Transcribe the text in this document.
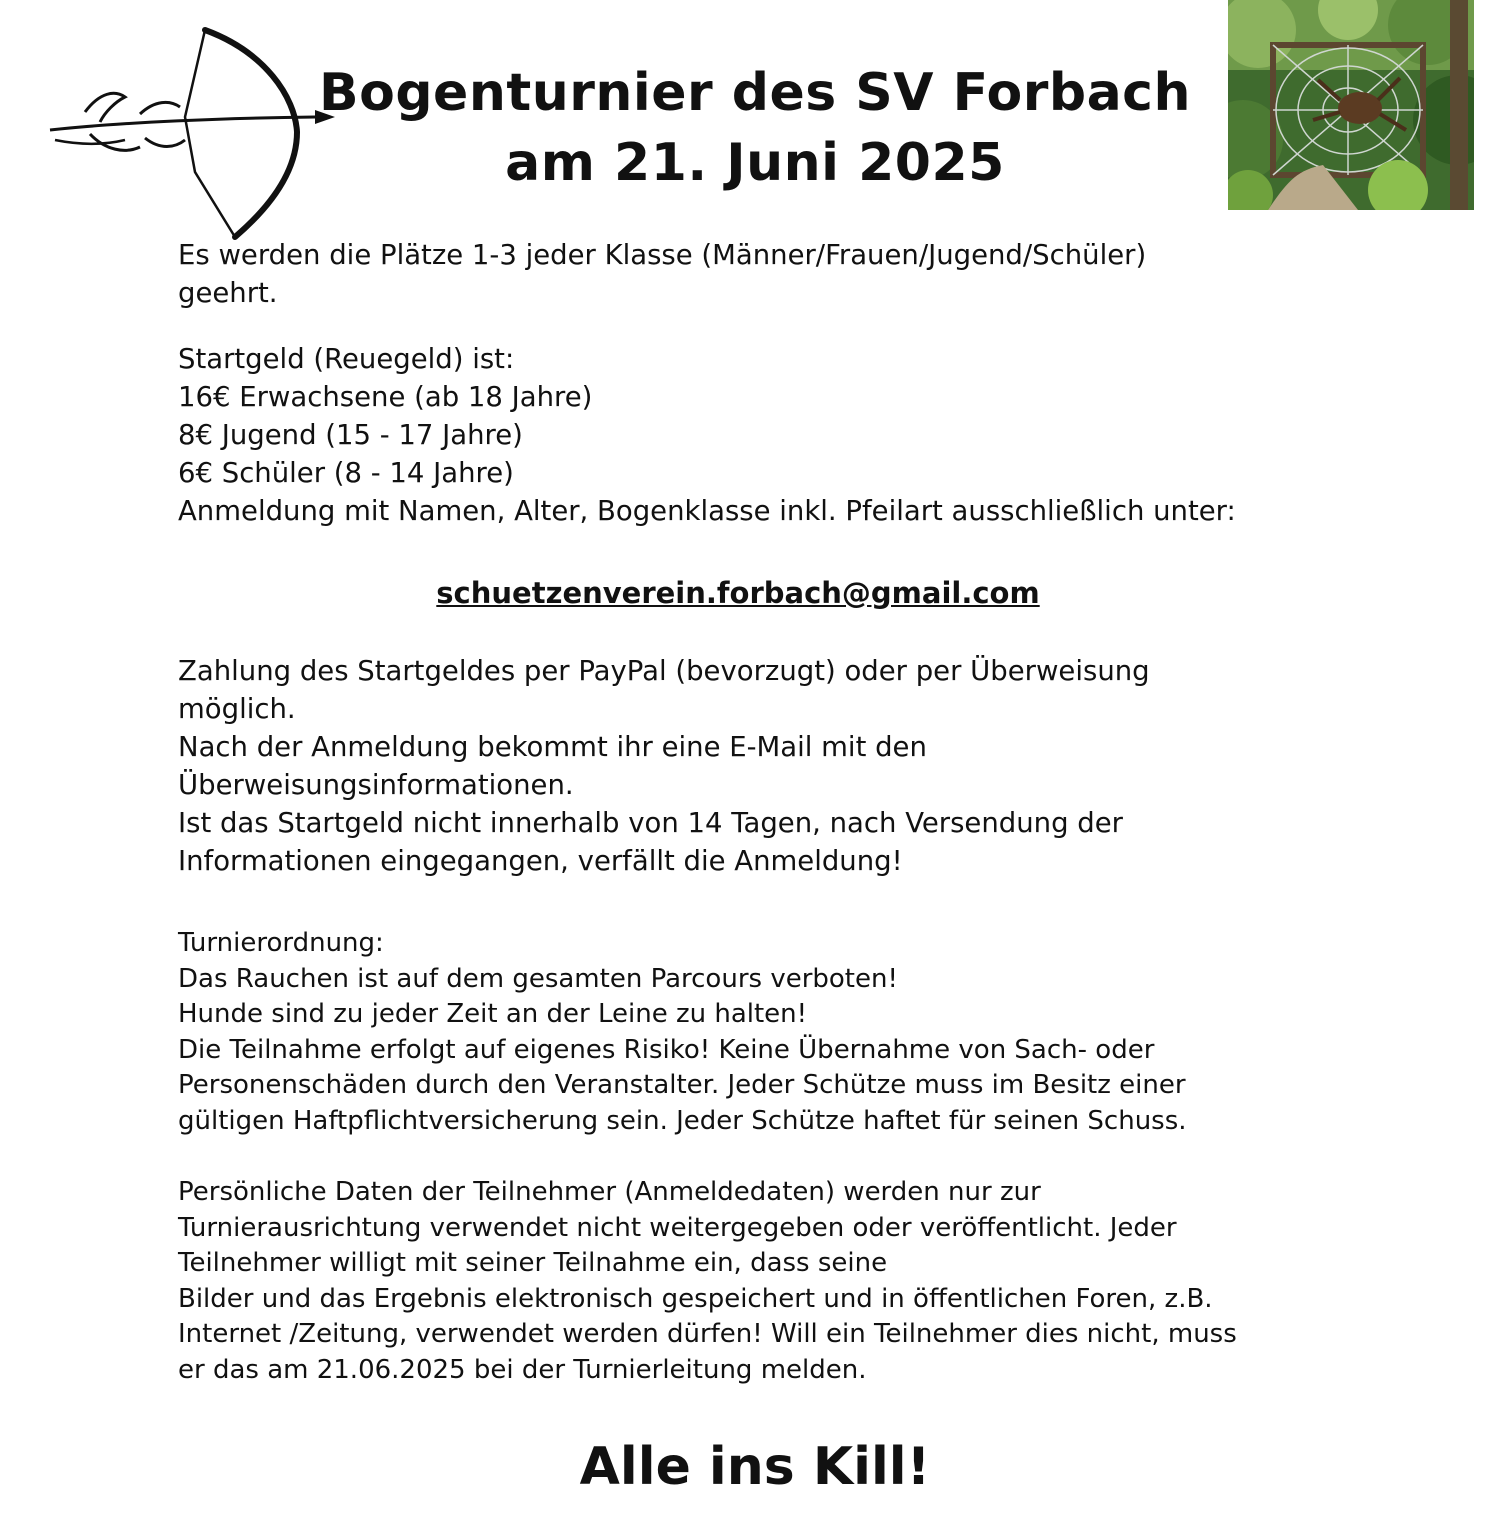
Bogenturnier des SV Forbach
am 21. Juni 2025

Es werden die Plätze 1-3 jeder Klasse (Männer/Frauen/Jugend/Schüler)

geehrt.

Startgeld (Reuegeld) ist:

16€ Erwachsene (ab 18 Jahre)

8€ Jugend (15 - 17 Jahre)

6€ Schüler (8 - 14 Jahre)

Anmeldung mit Namen, Alter, Bogenklasse inkl. Pfeilart ausschließlich unter:

schuetzenverein.forbach@gmail.com

Zahlung des Startgeldes per PayPal (bevorzugt) oder per Überweisung

möglich.

Nach der Anmeldung bekommt ihr eine E-Mail mit den

Überweisungsinformationen.

Ist das Startgeld nicht innerhalb von 14 Tagen, nach Versendung der

Informationen eingegangen, verfällt die Anmeldung!

Turnierordnung:

Das Rauchen ist auf dem gesamten Parcours verboten!

Hunde sind zu jeder Zeit an der Leine zu halten!

Die Teilnahme erfolgt auf eigenes Risiko! Keine Übernahme von Sach- oder

Personenschäden durch den Veranstalter. Jeder Schütze muss im Besitz einer

gültigen Haftpflichtversicherung sein. Jeder Schütze haftet für seinen Schuss.

Persönliche Daten der Teilnehmer (Anmeldedaten) werden nur zur

Turnierausrichtung verwendet nicht weitergegeben oder veröffentlicht. Jeder

Teilnehmer willigt mit seiner Teilnahme ein, dass seine

Bilder und das Ergebnis elektronisch gespeichert und in öffentlichen Foren, z.B.

Internet /Zeitung, verwendet werden dürfen! Will ein Teilnehmer dies nicht, muss

er das am 21.06.2025 bei der Turnierleitung melden.

Alle ins Kill!
